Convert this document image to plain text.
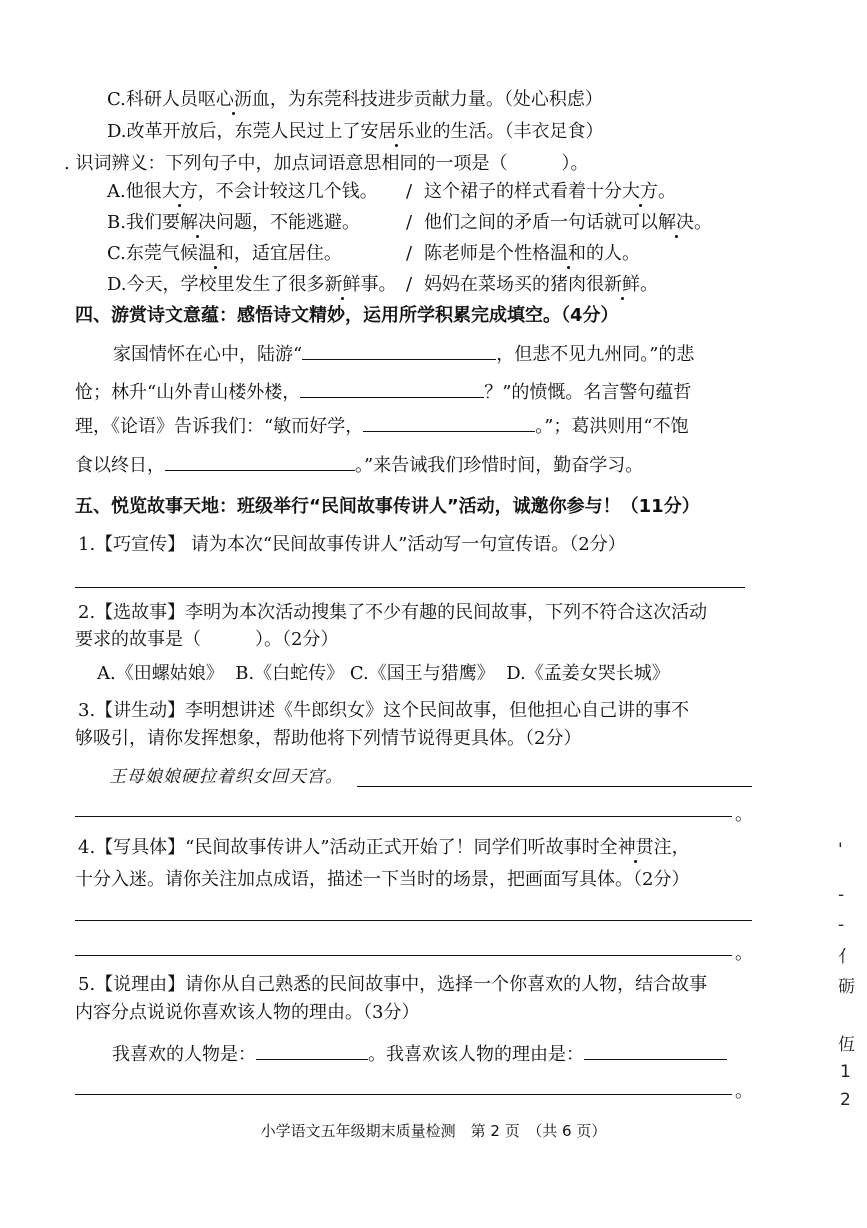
C.科研人员呕心沥血，为东莞科技进步贡献力量。（处心积虑）
D.改革开放后，东莞人民过上了安居乐业的生活。（丰衣足食）
. 识词辨义：下列句子中，加点词语意思相同的一项是（　　　）。
A.他很大方，不会计较这几个钱。 / 这个裙子的样式看着十分大方。
B.我们要解决问题，不能逃避。	/ 他们之间的矛盾一句话就可以解决。
C.东莞气候温和，适宜居住。	/ 陈老师是个性格温和的人。
D.今天，学校里发生了很多新鲜事。 / 妈妈在菜场买的猪肉很新鲜。
四、游赏诗文意蕴：感悟诗文精妙，运用所学积累完成填空。（4分）
家国情怀在心中，陆游“	，但悲不见九州同。”的悲
怆；林升“山外青山楼外楼，	？”的愤慨。名言警句蕴哲
理，《论语》告诉我们：“敏而好学，	。”；葛洪则用“不饱
食以终日，	。”来告诫我们珍惜时间，勤奋学习。
五、悦览故事天地：班级举行“民间故事传讲人”活动，诚邀你参与！（11分）
1.【巧宣传】 请为本次“民间故事传讲人”活动写一句宣传语。（2分）
2.【选故事】李明为本次活动搜集了不少有趣的民间故事，下列不符合这次活动
要求的故事是（　　　）。（2分）
A.《田螺姑娘》 B.《白蛇传》 C.《国王与猎鹰》 D.《孟姜女哭长城》
3.【讲生动】李明想讲述《牛郎织女》这个民间故事，但他担心自己讲的事不
够吸引，请你发挥想象，帮助他将下列情节说得更具体。（2分）
王母娘娘硬拉着织女回天宫。
。
4.【写具体】“民间故事传讲人”活动正式开始了！同学们听故事时全神贯注，
十分入迷。请你关注加点成语，描述一下当时的场景，把画面写具体。（2分）
。
5.【说理由】请你从自己熟悉的民间故事中，选择一个你喜欢的人物，结合故事
内容分点说说你喜欢该人物的理由。（3分）
我喜欢的人物是：	。我喜欢该人物的理由是：
。
'
-
-
亻
砺
仾
1
2
小学语文五年级期末质量检测　第 2 页　（共 6 页）
